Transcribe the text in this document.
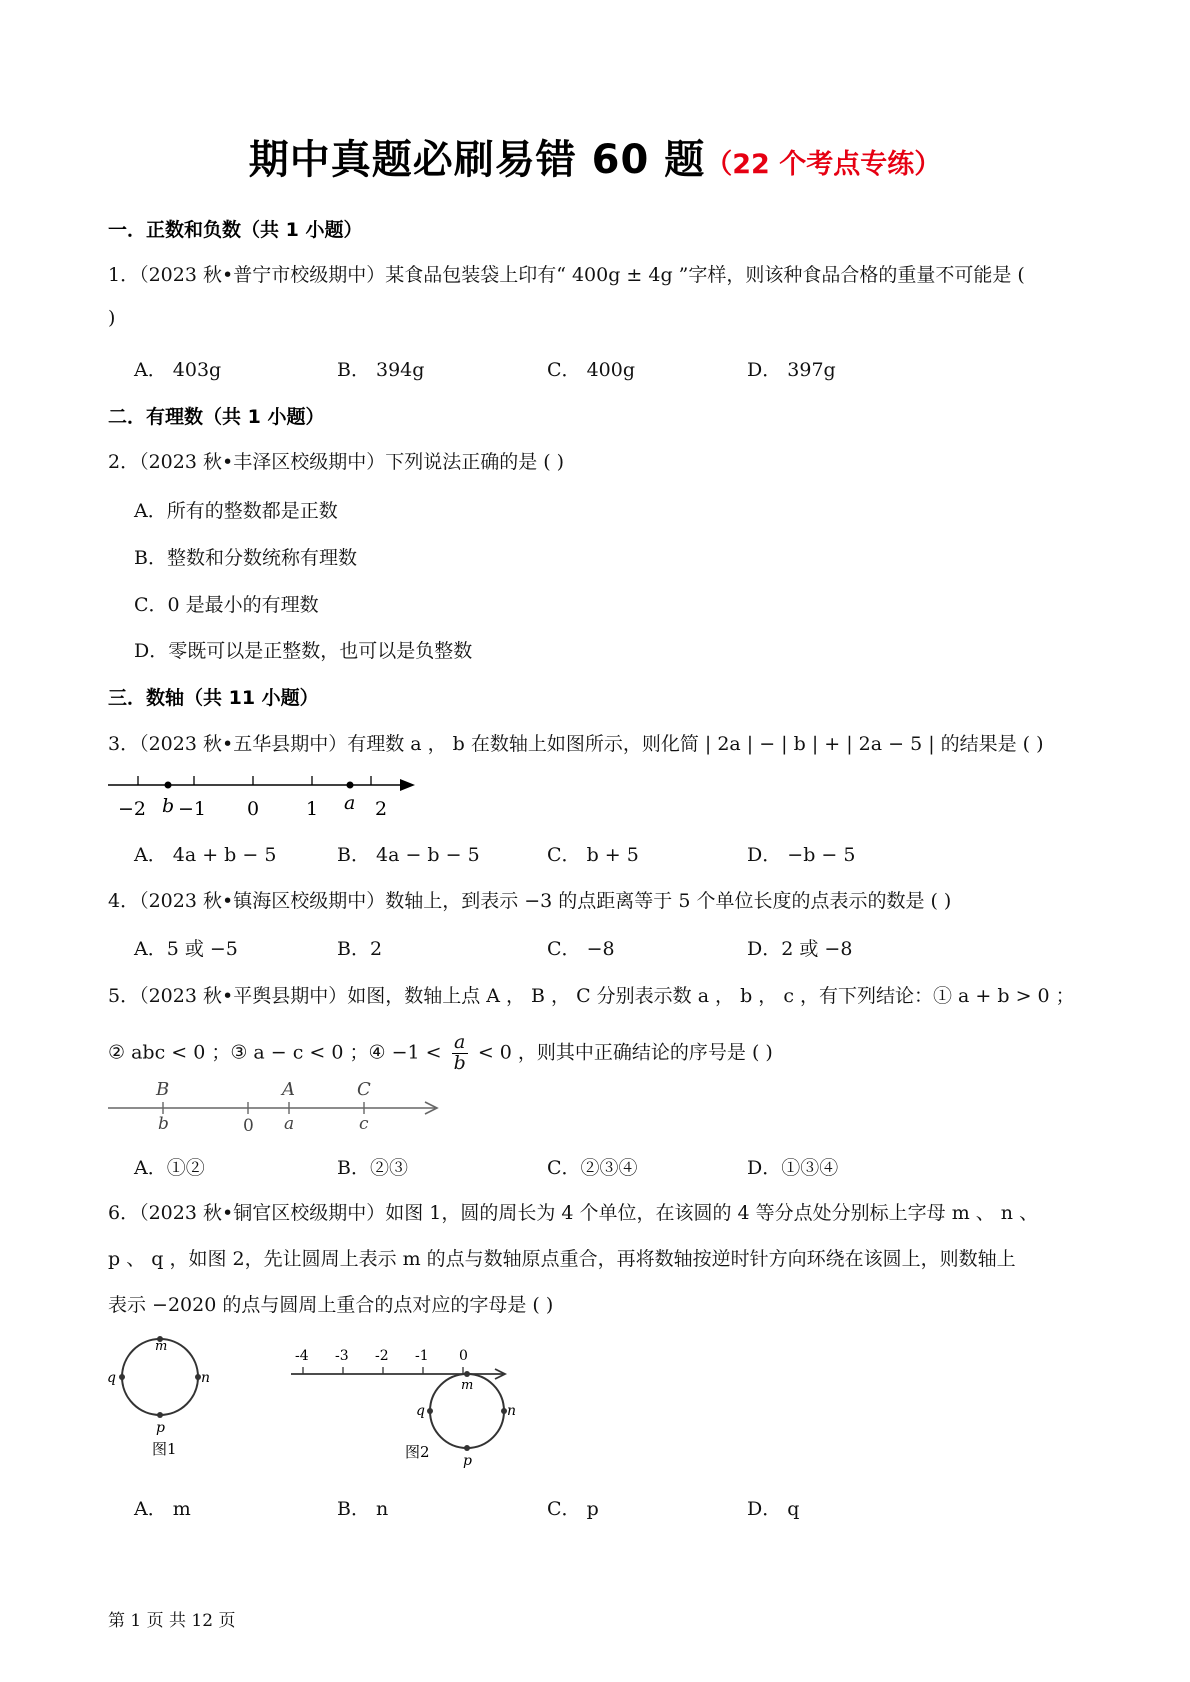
期中真题必刷易错 60 题（22 个考点专练）
一．正数和负数（共 1 小题）
1．（2023 秋•普宁市校级期中）某食品包装袋上印有“ 400g ± 4g ”字样，则该种食品合格的重量不可能是 (
)
A． 403g	B． 394g	C． 400g	D． 397g
二．有理数（共 1 小题）
2．（2023 秋•丰泽区校级期中）下列说法正确的是 ( )
A．所有的整数都是正数
B．整数和分数统称有理数
C．0 是最小的有理数
D．零既可以是正整数，也可以是负整数
三．数轴（共 11 小题）
3．（2023 秋•五华县期中）有理数 a ， b 在数轴上如图所示，则化简 | 2a | − | b | + | 2a − 5 | 的结果是 ( )
−2 −1 0 1	2
b	a
A． 4a + b − 5	B． 4a − b − 5	C． b + 5	D． −b − 5
4．（2023 秋•镇海区校级期中）数轴上，到表示 −3 的点距离等于 5 个单位长度的点表示的数是 ( )
A．5 或 −5	B．2	C． −8	D．2 或 −8
5．（2023 秋•平舆县期中）如图，数轴上点 A ， B ， C 分别表示数 a ， b ， c ，有下列结论：① a + b > 0 ；
② abc < 0 ；③ a − c < 0 ；④ $-1 < \frac{a}{b} < 0$ ，则其中正确结论的序号是 ( )
B	A	C
b	0 a	c
A．①②	B．②③	C．②③④	D．①③④
6．（2023 秋•铜官区校级期中）如图 1，圆的周长为 4 个单位，在该圆的 4 等分点处分别标上字母 m 、 n 、
p 、 q ，如图 2，先让圆周上表示 m 的点与数轴原点重合，再将数轴按逆时针方向环绕在该圆上，则数轴上
表示 −2020 的点与圆周上重合的点对应的字母是 ( )
m
n
p
q
图1
-4 -3 -2 -1 0
m
n
p
q
图2
A． m	B． n	C． p	D． q
第 1 页 共 12 页
